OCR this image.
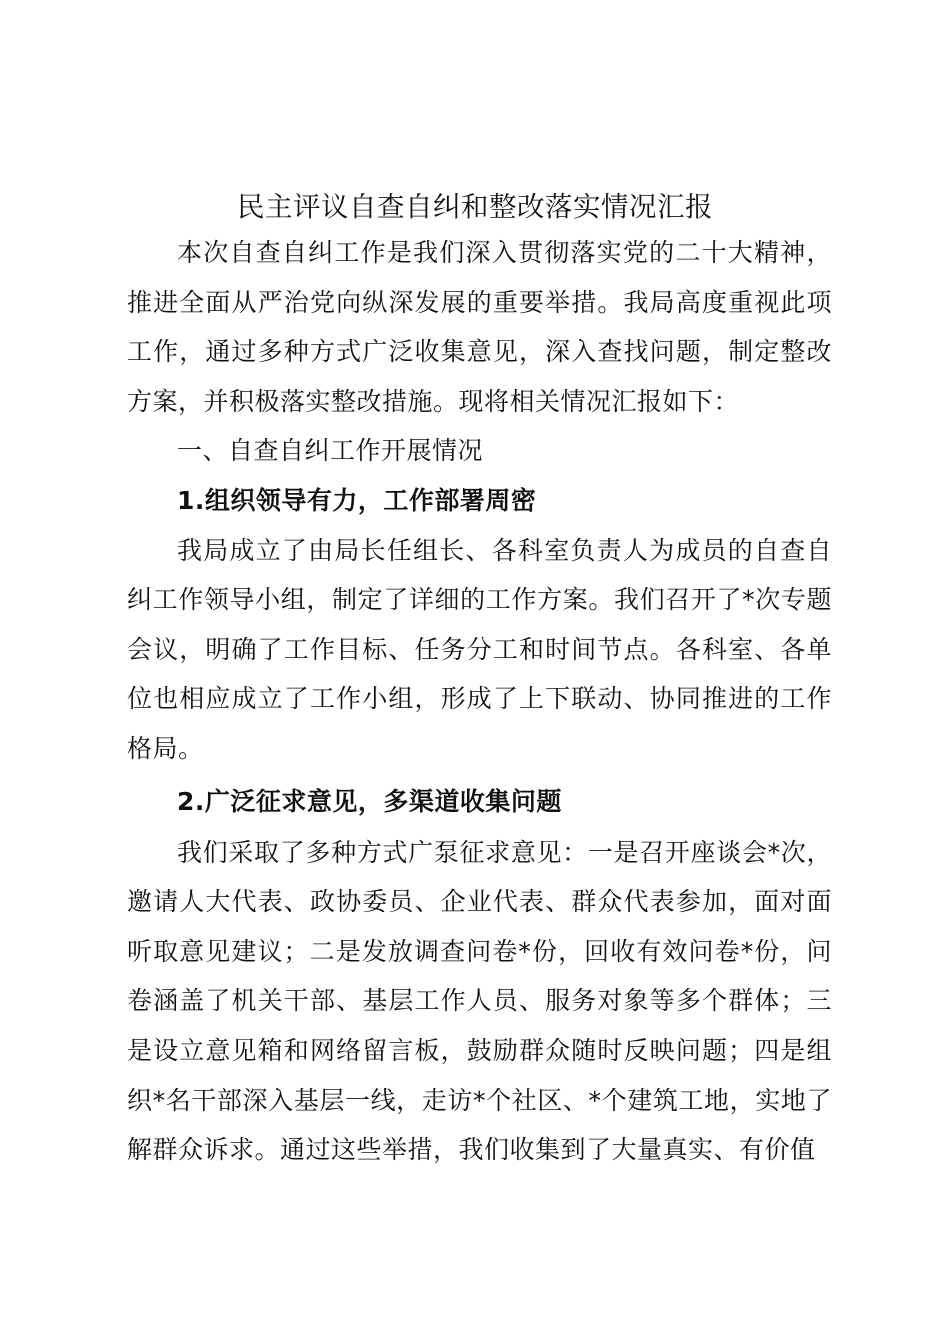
民主评议自查自纠和整改落实情况汇报

本次自查自纠工作是我们深入贯彻落实党的二十大精神，推进全面从严治党向纵深发展的重要举措。我局高度重视此项工作，通过多种方式广泛收集意见，深入查找问题，制定整改方案，并积极落实整改措施。现将相关情况汇报如下：

一、自查自纠工作开展情况

1.组织领导有力，工作部署周密

我局成立了由局长任组长、各科室负责人为成员的自查自纠工作领导小组，制定了详细的工作方案。我们召开了*次专题会议，明确了工作目标、任务分工和时间节点。各科室、各单位也相应成立了工作小组，形成了上下联动、协同推进的工作格局。

2.广泛征求意见，多渠道收集问题

我们采取了多种方式广泵征求意见：一是召开座谈会*次，邀请人大代表、政协委员、企业代表、群众代表参加，面对面听取意见建议；二是发放调查问卷*份，回收有效问卷*份，问卷涵盖了机关干部、基层工作人员、服务对象等多个群体；三是设立意见箱和网络留言板，鼓励群众随时反映问题；四是组织*名干部深入基层一线，走访*个社区、*个建筑工地，实地了解群众诉求。通过这些举措，我们收集到了大量真实、有价值
